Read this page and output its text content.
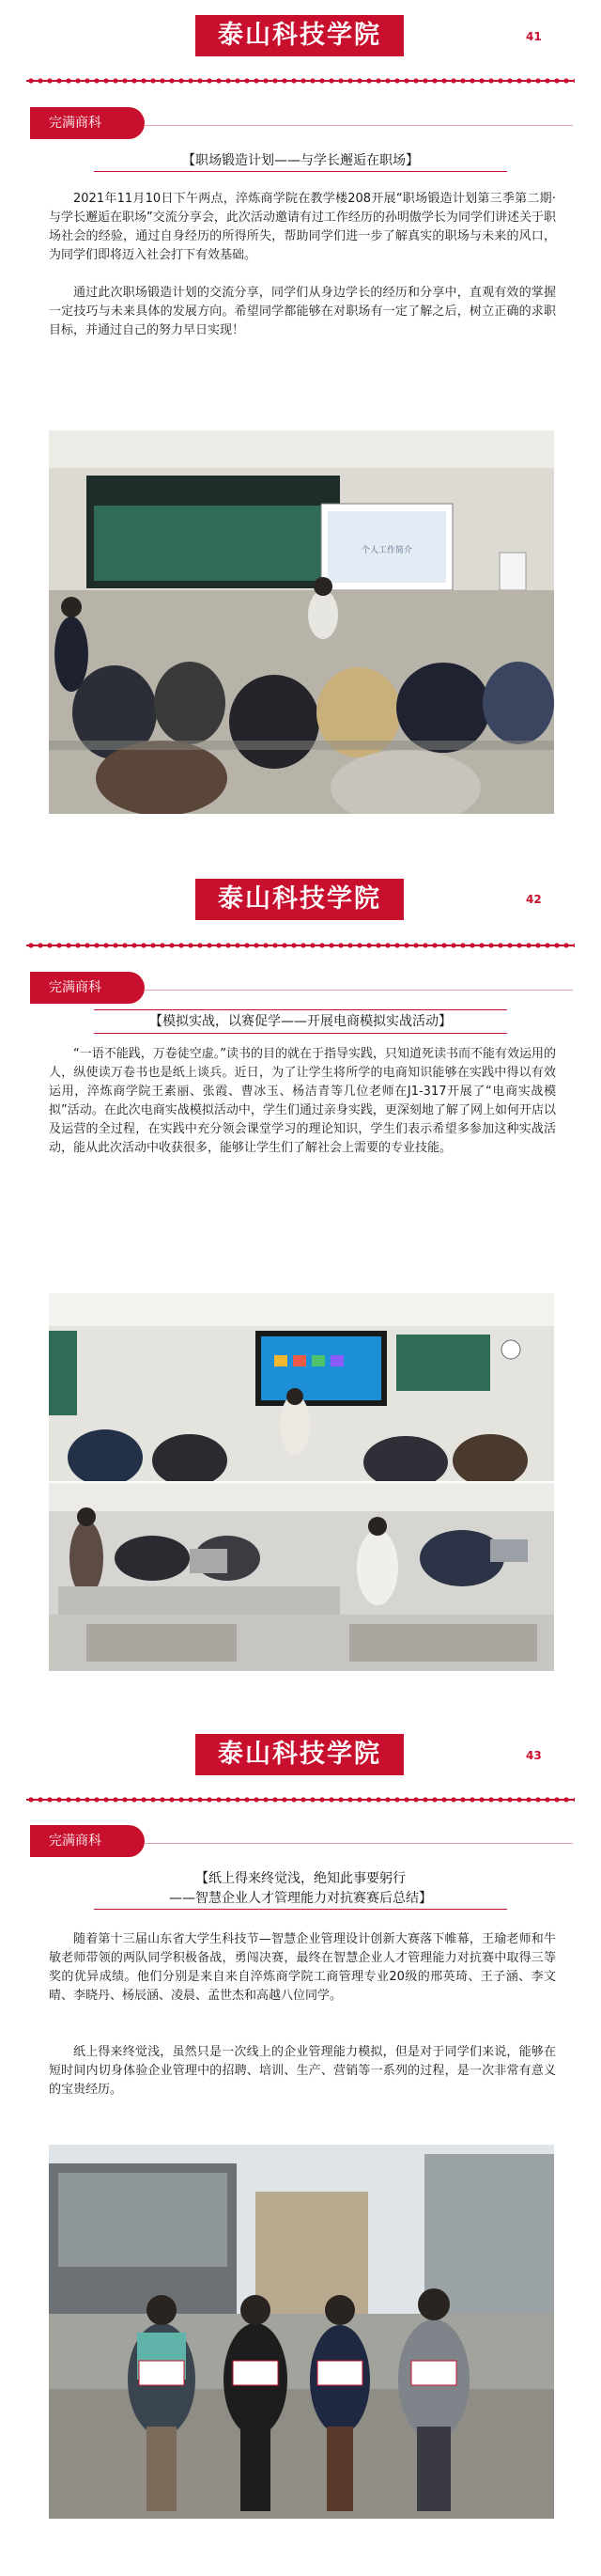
泰山科技学院	41
完满商科
【职场锻造计划——与学长邂逅在职场】

2021年11月10日下午两点，淬炼商学院在教学楼208开展“职场锻造计划第三季第二期·与学长邂逅在职场”交流分享会，此次活动邀请有过工作经历的孙明傲学长为同学们讲述关于职场社会的经验，通过自身经历的所得所失，帮助同学们进一步了解真实的职场与未来的风口，为同学们即将迈入社会打下有效基础。

通过此次职场锻造计划的交流分享，同学们从身边学长的经历和分享中，直观有效的掌握一定技巧与未来具体的发展方向。希望同学都能够在对职场有一定了解之后，树立正确的求职目标，并通过自己的努力早日实现！

个人工作简介
泰山科技学院	42
完满商科
【模拟实战，以赛促学——开展电商模拟实战活动】

“一语不能践，万卷徒空虚。”读书的目的就在于指导实践，只知道死读书而不能有效运用的人，纵使读万卷书也是纸上谈兵。近日，为了让学生将所学的电商知识能够在实践中得以有效运用，淬炼商学院王素丽、张霞、曹冰玉、杨洁青等几位老师在J1-317开展了“电商实战模拟”活动。在此次电商实战模拟活动中，学生们通过亲身实践，更深刻地了解了网上如何开店以及运营的全过程，在实践中充分领会课堂学习的理论知识，学生们表示希望多参加这种实战活动，能从此次活动中收获很多，能够让学生们了解社会上需要的专业技能。

泰山科技学院	43
完满商科
【纸上得来终觉浅，绝知此事要躬行
——智慧企业人才管理能力对抗赛赛后总结】

随着第十三届山东省大学生科技节—智慧企业管理设计创新大赛落下帷幕，王瑜老师和牛敏老师带领的两队同学积极备战，勇闯决赛，最终在智慧企业人才管理能力对抗赛中取得三等奖的优异成绩。他们分别是来自来自淬炼商学院工商管理专业20级的邢英琦、王子涵、李文晴、李晓丹、杨辰涵、凌晨、孟世杰和高越八位同学。

纸上得来终觉浅，虽然只是一次线上的企业管理能力模拟，但是对于同学们来说，能够在短时间内切身体验企业管理中的招聘、培训、生产、营销等一系列的过程，是一次非常有意义的宝贵经历。
